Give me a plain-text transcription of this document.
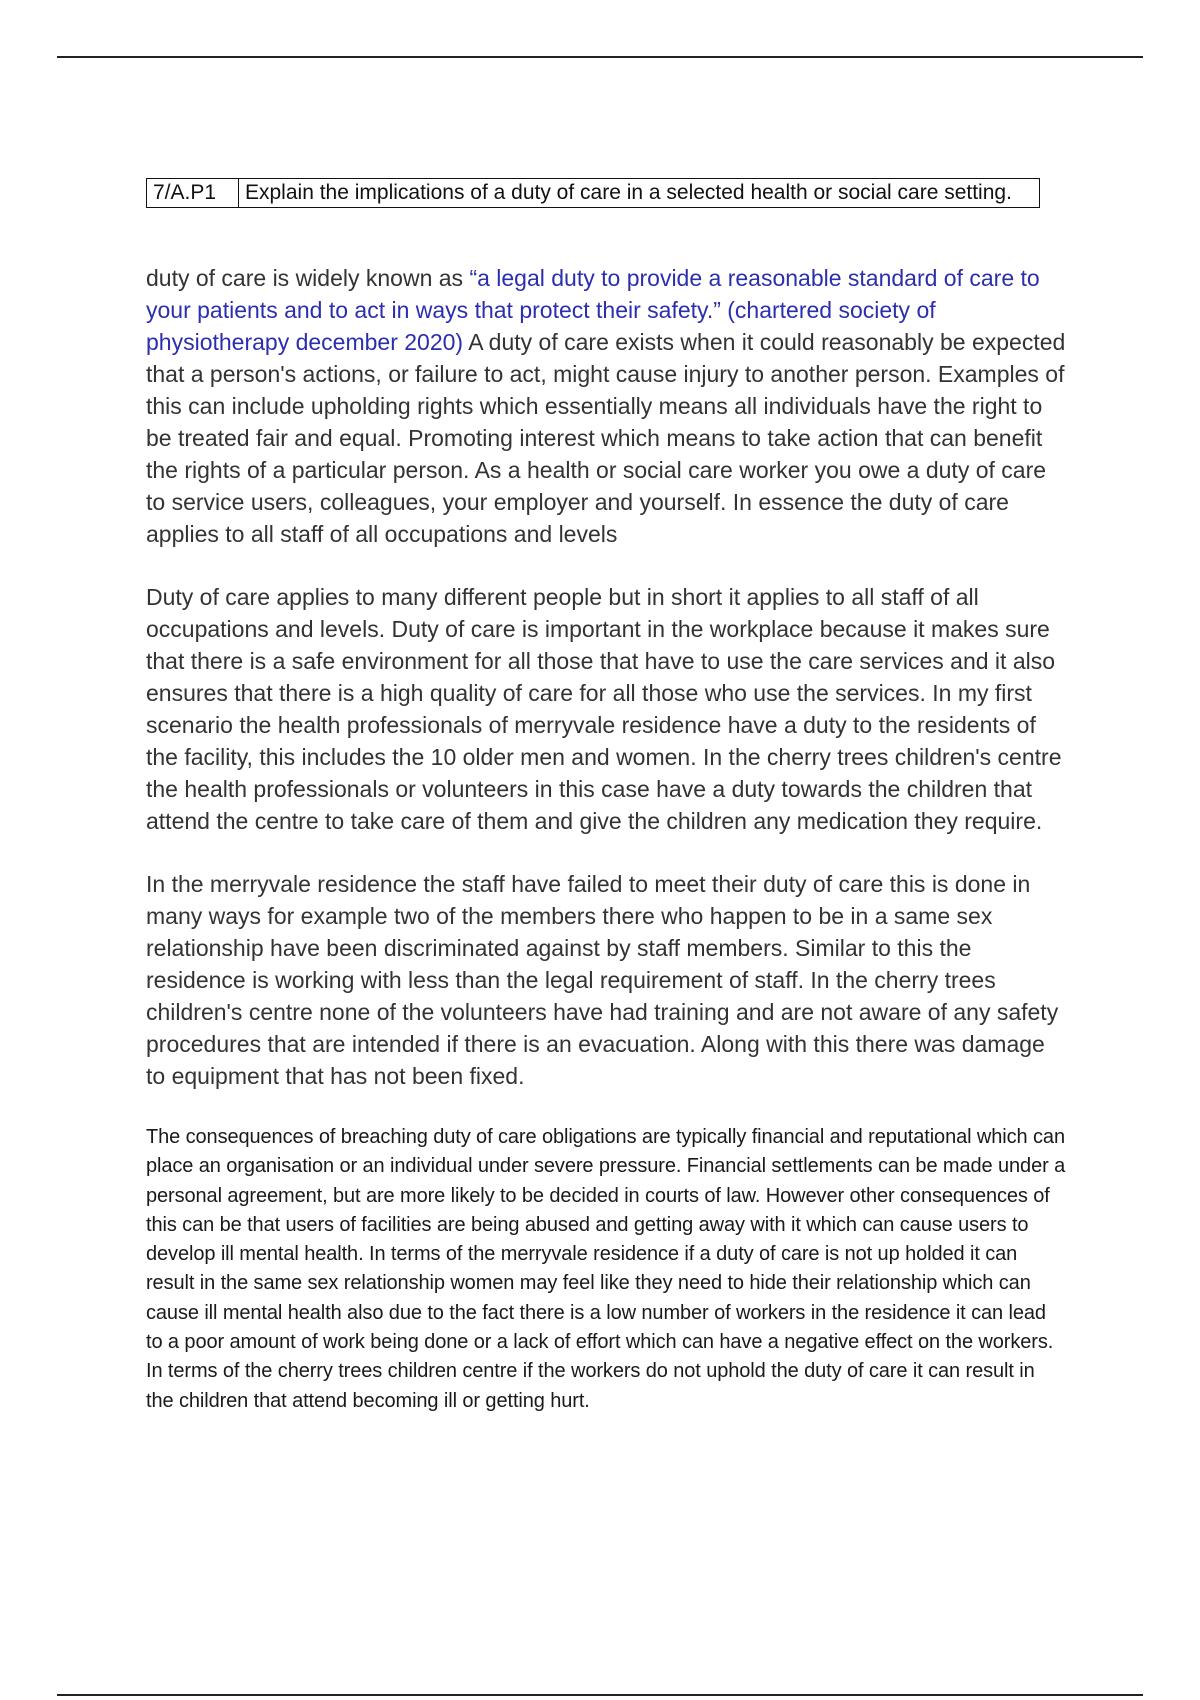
7/A.P1	Explain the implications of a duty of care in a selected health or social care setting.

duty of care is widely known as “a legal duty to provide a reasonable standard of care to your patients and to act in ways that protect their safety.” (chartered society of physiotherapy december 2020) A duty of care exists when it could reasonably be expected that a person's actions, or failure to act, might cause injury to another person. Examples of this can include upholding rights which essentially means all individuals have the right to be treated fair and equal. Promoting interest which means to take action that can benefit the rights of a particular person. As a health or social care worker you owe a duty of care to service users, colleagues, your employer and yourself. In essence the duty of care applies to all staff of all occupations and levels

Duty of care applies to many different people but in short it applies to all staff of all occupations and levels. Duty of care is important in the workplace because it makes sure that there is a safe environment for all those that have to use the care services and it also ensures that there is a high quality of care for all those who use the services. In my first scenario the health professionals of merryvale residence have a duty to the residents of the facility, this includes the 10 older men and women. In the cherry trees children's centre the health professionals or volunteers in this case have a duty towards the children that attend the centre to take care of them and give the children any medication they require.

In the merryvale residence the staff have failed to meet their duty of care this is done in many ways for example two of the members there who happen to be in a same sex relationship have been discriminated against by staff members. Similar to this the residence is working with less than the legal requirement of staff. In the cherry trees children's centre none of the volunteers have had training and are not aware of any safety procedures that are intended if there is an evacuation. Along with this there was damage to equipment that has not been fixed.

The consequences of breaching duty of care obligations are typically financial and reputational which can place an organisation or an individual under severe pressure. Financial settlements can be made under a personal agreement, but are more likely to be decided in courts of law. However other consequences of this can be that users of facilities are being abused and getting away with it which can cause users to develop ill mental health. In terms of the merryvale residence if a duty of care is not up holded it can result in the same sex relationship women may feel like they need to hide their relationship which can cause ill mental health also due to the fact there is a low number of workers in the residence it can lead to a poor amount of work being done or a lack of effort which can have a negative effect on the workers. In terms of the cherry trees children centre if the workers do not uphold the duty of care it can result in the children that attend becoming ill or getting hurt.
